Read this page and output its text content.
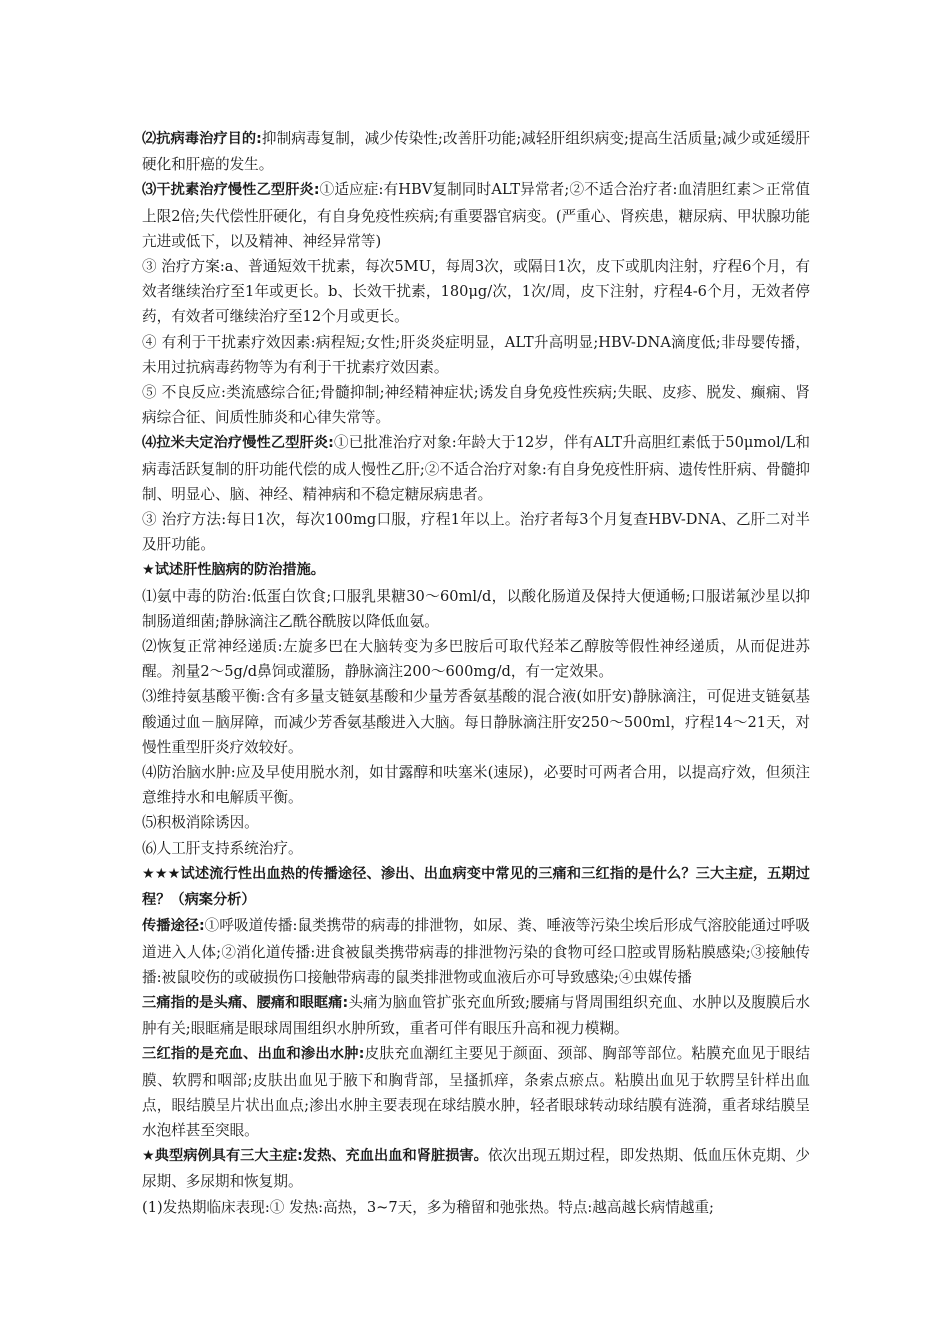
⑵抗病毒治疗目的:抑制病毒复制，减少传染性;改善肝功能;减轻肝组织病变;提高生活质量;减少或延缓肝硬化和肝癌的发生。

⑶干扰素治疗慢性乙型肝炎:①适应症:有HBV复制同时ALT异常者;②不适合治疗者:血清胆红素＞正常值上限2倍;失代偿性肝硬化，有自身免疫性疾病;有重要器官病变。(严重心、肾疾患，糖尿病、甲状腺功能亢进或低下，以及精神、神经异常等)

③ 治疗方案:a、普通短效干扰素，每次5MU，每周3次，或隔日1次，皮下或肌肉注射，疗程6个月，有效者继续治疗至1年或更长。b、长效干扰素，180μg/次，1次/周，皮下注射，疗程4-6个月，无效者停药，有效者可继续治疗至12个月或更长。

④ 有利于干扰素疗效因素:病程短;女性;肝炎炎症明显，ALT升高明显;HBV-DNA滴度低;非母婴传播，未用过抗病毒药物等为有利于干扰素疗效因素。

⑤ 不良反应:类流感综合征;骨髓抑制;神经精神症状;诱发自身免疫性疾病;失眠、皮疹、脱发、癫痫、肾病综合征、间质性肺炎和心律失常等。

⑷拉米夫定治疗慢性乙型肝炎:①已批准治疗对象:年龄大于12岁，伴有ALT升高胆红素低于50μmol/L和病毒活跃复制的肝功能代偿的成人慢性乙肝;②不适合治疗对象:有自身免疫性肝病、遗传性肝病、骨髓抑制、明显心、脑、神经、精神病和不稳定糖尿病患者。

③ 治疗方法:每日1次，每次100mg口服，疗程1年以上。治疗者每3个月复查HBV-DNA、乙肝二对半及肝功能。

★试述肝性脑病的防治措施。

⑴氨中毒的防治:低蛋白饮食;口服乳果糖30～60ml/d，以酸化肠道及保持大便通畅;口服诺氟沙星以抑制肠道细菌;静脉滴注乙酰谷酰胺以降低血氨。

⑵恢复正常神经递质:左旋多巴在大脑转变为多巴胺后可取代羟苯乙醇胺等假性神经递质，从而促进苏醒。剂量2～5g/d鼻饲或灌肠，静脉滴注200～600mg/d，有一定效果。

⑶维持氨基酸平衡:含有多量支链氨基酸和少量芳香氨基酸的混合液(如肝安)静脉滴注，可促进支链氨基酸通过血－脑屏障，而减少芳香氨基酸进入大脑。每日静脉滴注肝安250～500ml，疗程14～21天，对慢性重型肝炎疗效较好。

⑷防治脑水肿:应及早使用脱水剂，如甘露醇和呋塞米(速尿)，必要时可两者合用，以提高疗效，但须注意维持水和电解质平衡。

⑸积极消除诱因。

⑹人工肝支持系统治疗。

★★★试述流行性出血热的传播途径、渗出、出血病变中常见的三痛和三红指的是什么？三大主症，五期过程？（病案分析）

传播途径:①呼吸道传播:鼠类携带的病毒的排泄物，如尿、粪、唾液等污染尘埃后形成气溶胶能通过呼吸道进入人体;②消化道传播:进食被鼠类携带病毒的排泄物污染的食物可经口腔或胃肠粘膜感染;③接触传播:被鼠咬伤的或破损伤口接触带病毒的鼠类排泄物或血液后亦可导致感染;④虫媒传播

三痛指的是头痛、腰痛和眼眶痛:头痛为脑血管扩张充血所致;腰痛与肾周围组织充血、水肿以及腹膜后水肿有关;眼眶痛是眼球周围组织水肿所致，重者可伴有眼压升高和视力模糊。

三红指的是充血、出血和渗出水肿:皮肤充血潮红主要见于颜面、颈部、胸部等部位。粘膜充血见于眼结膜、软腭和咽部;皮肤出血见于腋下和胸背部，呈搔抓痒，条索点瘀点。粘膜出血见于软腭呈针样出血点，眼结膜呈片状出血点;渗出水肿主要表现在球结膜水肿，轻者眼球转动球结膜有涟漪，重者球结膜呈水泡样甚至突眼。

★典型病例具有三大主症:发热、充血出血和肾脏损害。依次出现五期过程，即发热期、低血压休克期、少尿期、多尿期和恢复期。

(1)发热期临床表现:① 发热:高热，3~7天，多为稽留和弛张热。特点:越高越长病情越重;
